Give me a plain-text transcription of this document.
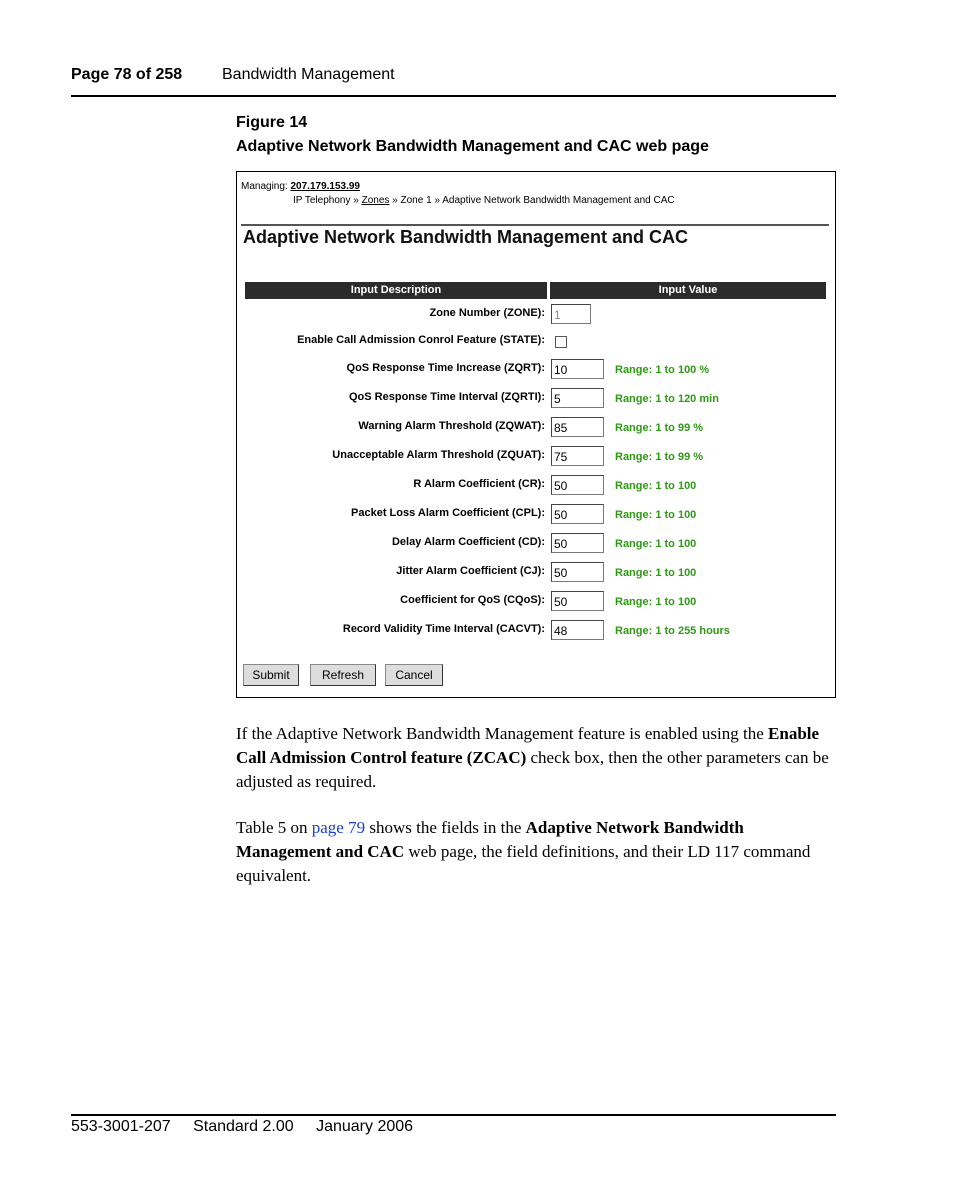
Page 78 of 258 Bandwidth Management
Figure 14
Adaptive Network Bandwidth Management and CAC web page
Managing: 207.179.153.99
IP Telephony » Zones » Zone 1 » Adaptive Network Bandwidth Management and CAC
Adaptive Network Bandwidth Management and CAC
Input Description	Input Value
Zone Number (ZONE): 1
Enable Call Admission Conrol Feature (STATE):
QoS Response Time Increase (ZQRT): 10	Range: 1 to 100 %
QoS Response Time Interval (ZQRTI): 5	Range: 1 to 120 min
Warning Alarm Threshold (ZQWAT): 85	Range: 1 to 99 %
Unacceptable Alarm Threshold (ZQUAT): 75	Range: 1 to 99 %
R Alarm Coefficient (CR): 50	Range: 1 to 100
Packet Loss Alarm Coefficient (CPL): 50	Range: 1 to 100
Delay Alarm Coefficient (CD): 50	Range: 1 to 100
Jitter Alarm Coefficient (CJ): 50	Range: 1 to 100
Coefficient for QoS (CQoS): 50	Range: 1 to 100
Record Validity Time Interval (CACVT): 48	Range: 1 to 255 hours
Submit	Refresh	Cancel
If the Adaptive Network Bandwidth Management feature is enabled using the Enable Call Admission Control feature (ZCAC) check box, then the other parameters can be adjusted as required.
Table 5 on page 79 shows the fields in the Adaptive Network Bandwidth Management and CAC web page, the field definitions, and their LD 117 command equivalent.
553-3001-207 Standard 2.00 January 2006
